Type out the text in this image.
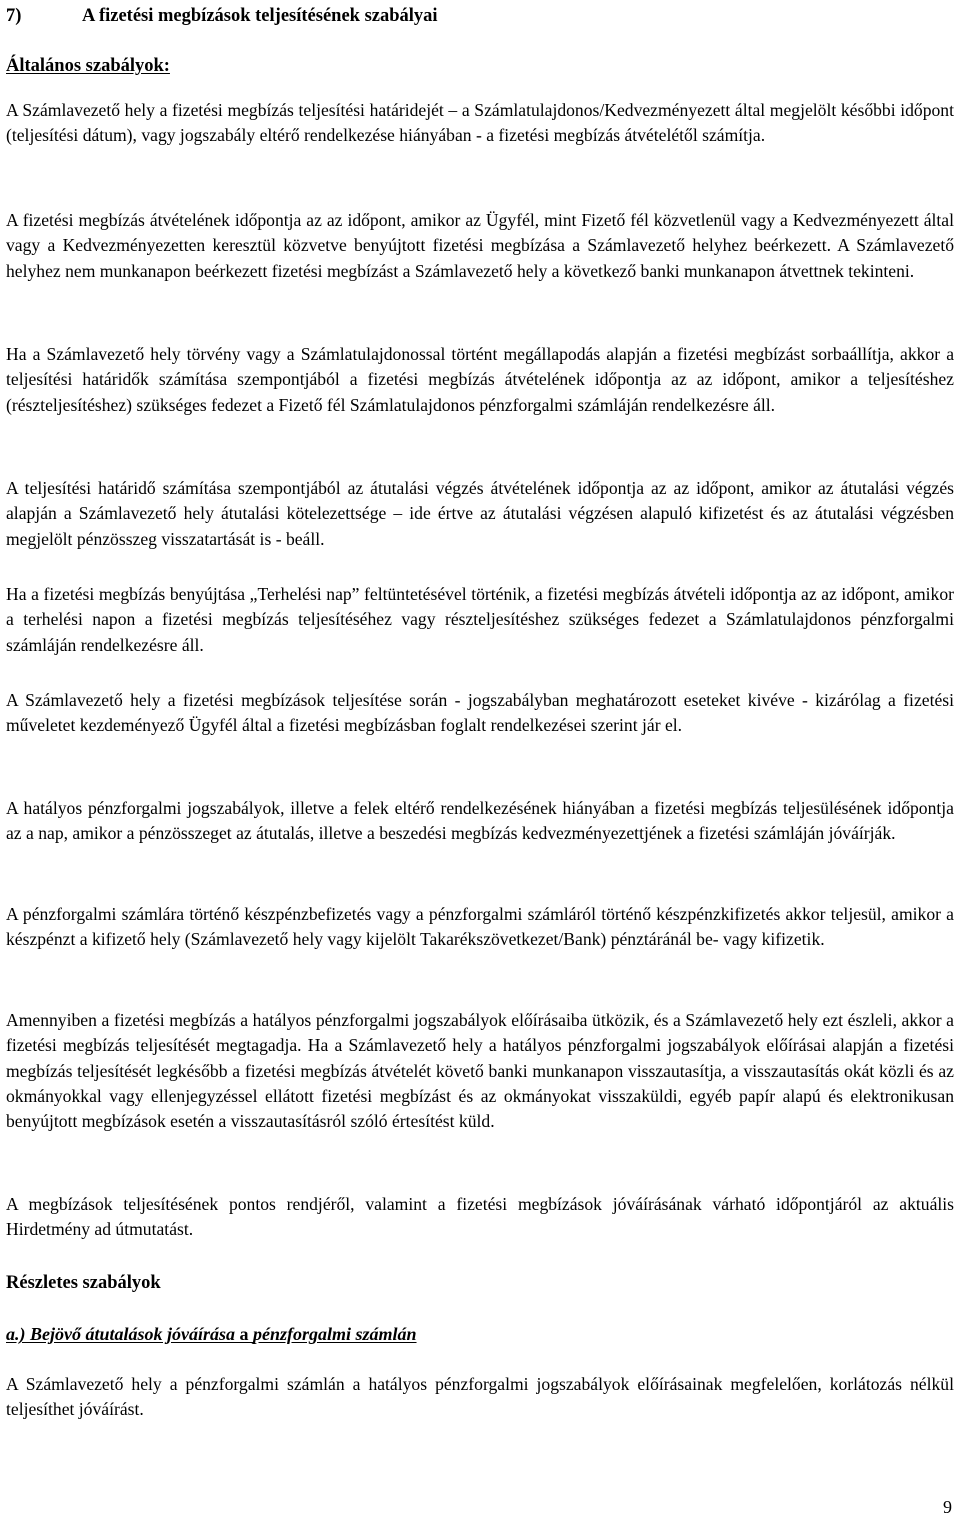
7)	A fizetési megbízások teljesítésének szabályai
Általános szabályok:

A Számlavezető hely a fizetési megbízás teljesítési határidejét ‒ a Számlatulajdonos/Kedvezményezett által megjelölt későbbi időpont (teljesítési dátum), vagy jogszabály eltérő rendelkezése hiányában - a fizetési megbízás átvételétől számítja.

A fizetési megbízás átvételének időpontja az az időpont, amikor az Ügyfél, mint Fizető fél közvetlenül vagy a Kedvezményezett által vagy a Kedvezményezetten keresztül közvetve benyújtott fizetési megbízása a Számlavezető helyhez beérkezett. A Számlavezető helyhez nem munkanapon beérkezett fizetési megbízást a Számlavezető hely a következő banki munkanapon átvettnek tekinteni.

Ha a Számlavezető hely törvény vagy a Számlatulajdonossal történt megállapodás alapján a fizetési megbízást sorbaállítja, akkor a teljesítési határidők számítása szempontjából a fizetési megbízás átvételének időpontja az az időpont, amikor a teljesítéshez (részteljesítéshez) szükséges fedezet a Fizető fél Számlatulajdonos pénzforgalmi számláján rendelkezésre áll.

A teljesítési határidő számítása szempontjából az átutalási végzés átvételének időpontja az az időpont, amikor az átutalási végzés alapján a Számlavezető hely átutalási kötelezettsége ‒ ide értve az átutalási végzésen alapuló kifizetést és az átutalási végzésben megjelölt pénzösszeg visszatartását is - beáll.

Ha a fizetési megbízás benyújtása „Terhelési nap” feltüntetésével történik, a fizetési megbízás átvételi időpontja az az időpont, amikor a terhelési napon a fizetési megbízás teljesítéséhez vagy részteljesítéshez szükséges fedezet a Számlatulajdonos pénzforgalmi számláján rendelkezésre áll.

A Számlavezető hely a fizetési megbízások teljesítése során - jogszabályban meghatározott eseteket kivéve - kizárólag a fizetési műveletet kezdeményező Ügyfél által a fizetési megbízásban foglalt rendelkezései szerint jár el.

A hatályos pénzforgalmi jogszabályok, illetve a felek eltérő rendelkezésének hiányában a fizetési megbízás teljesülésének időpontja az a nap, amikor a pénzösszeget az átutalás, illetve a beszedési megbízás kedvezményezettjének a fizetési számláján jóváírják.

A pénzforgalmi számlára történő készpénzbefizetés vagy a pénzforgalmi számláról történő készpénzkifizetés akkor teljesül, amikor a készpénzt a kifizető hely (Számlavezető hely vagy kijelölt Takarékszövetkezet/Bank) pénztáránál be- vagy kifizetik.

Amennyiben a fizetési megbízás a hatályos pénzforgalmi jogszabályok előírásaiba ütközik, és a Számlavezető hely ezt észleli, akkor a fizetési megbízás teljesítését megtagadja. Ha a Számlavezető hely a hatályos pénzforgalmi jogszabályok előírásai alapján a fizetési megbízás teljesítését legkésőbb a fizetési megbízás átvételét követő banki munkanapon visszautasítja, a visszautasítás okát közli és az okmányokkal vagy ellenjegyzéssel ellátott fizetési megbízást és az okmányokat visszaküldi, egyéb papír alapú és elektronikusan benyújtott megbízások esetén a visszautasításról szóló értesítést küld.

A megbízások teljesítésének pontos rendjéről, valamint a fizetési megbízások jóváírásának várható időpontjáról az aktuális Hirdetmény ad útmutatást.

Részletes szabályok
a.) Bejövő átutalások jóváírása a pénzforgalmi számlán

A Számlavezető hely a pénzforgalmi számlán a hatályos pénzforgalmi jogszabályok előírásainak megfelelően, korlátozás nélkül teljesíthet jóváírást.

9
